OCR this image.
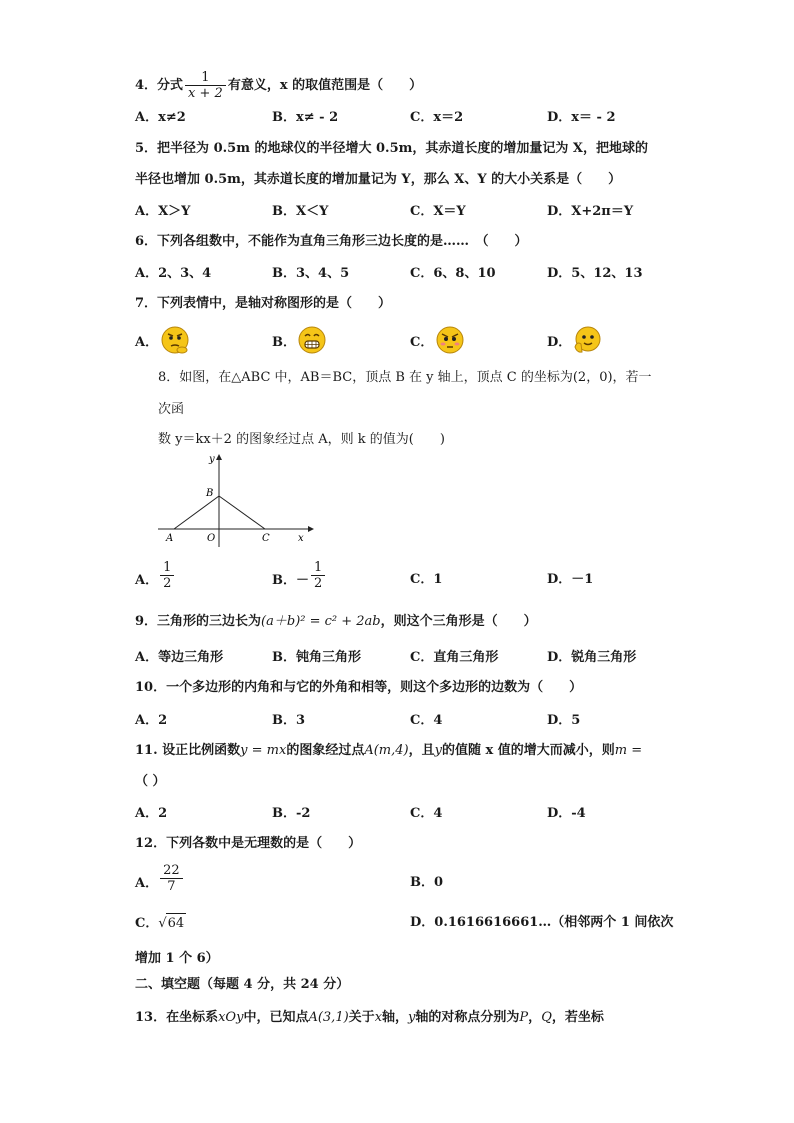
4．分式 $\frac{1}{x + 2}$ 有意义，x 的取值范围是（　　）
A．x≠2	B．x≠ - 2	C．x＝2	D．x＝ - 2
5．把半径为 0.5m 的地球仪的半径增大 0.5m，其赤道长度的增加量记为 X，把地球的
半径也增加 0.5m，其赤道长度的增加量记为 Y，那么 X、Y 的大小关系是（　　）
A．X＞Y	B．X＜Y	C．X＝Y	D．X+2π＝Y
6．下列各组数中，不能作为直角三角形三边长度的是……　（　　）
A．2、3、4	B．3、4、5	C．6、8、10	D．5、12、13
7．下列表情中，是轴对称图形的是（　　）
A．	B．	C．	D．
8．如图，在△ABC 中，AB＝BC，顶点 B 在 y 轴上，顶点 C 的坐标为(2，0)，若一
次函
数 y＝kx＋2 的图象经过点 A，则 k 的值为(　　)
y
x
A	O
B
C
A． $\frac{1}{2}$	B．－ $\frac{1}{2}$	C．1	D．－1
9．三角形的三边长为(a＋b)² = c² + 2ab，则这个三角形是（　　）
A．等边三角形	B．钝角三角形	C．直角三角形	D．锐角三角形
10．一个多边形的内角和与它的外角和相等，则这个多边形的边数为（　　）
A．2	B．3	C．4	D．5
11. 设正比例函数y = mx的图象经过点A(m,4)，且y的值随 x 值的增大而减小，则m =
（ ）
A．2	B．-2	C．4	D．-4
12．下列各数中是无理数的是（　　）
A． $\frac{22}{7}$	B．0
C．√64	D．0.1616616661…（相邻两个 1 间依次
增加 1 个 6）
二、填空题（每题 4 分，共 24 分）
13．在坐标系xOy中，已知点A(3,1)关于x轴，y轴的对称点分别为P，Q，若坐标
